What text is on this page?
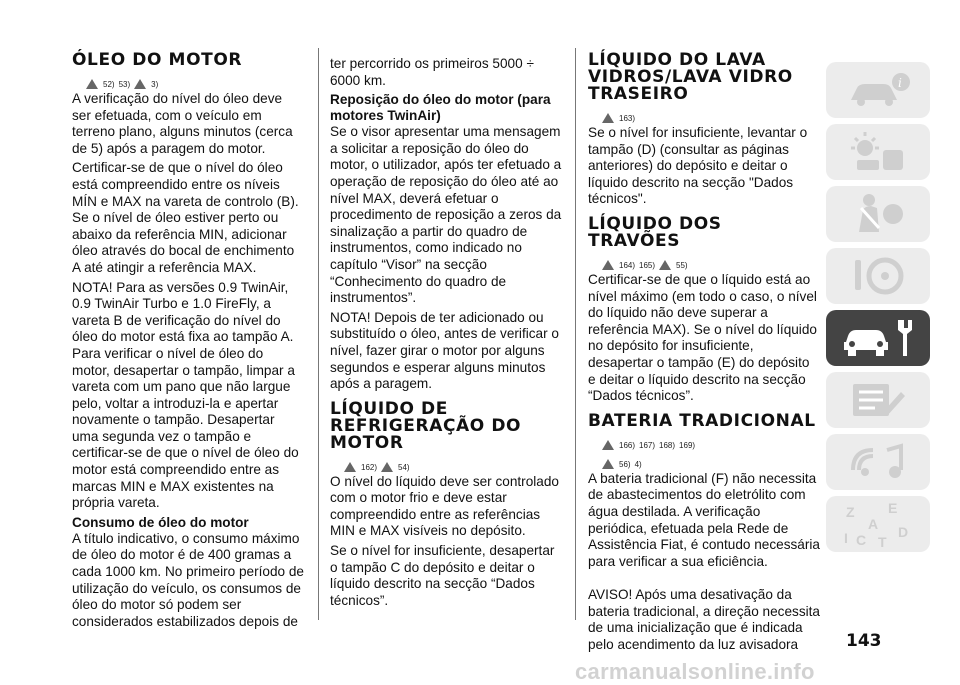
ÓLEO DO MOTOR
52) 53)	3)

A verificação do nível do óleo deve ser efetuada, com o veículo em terreno plano, alguns minutos (cerca de 5) após a paragem do motor.

Certificar-se de que o nível do óleo está compreendido entre os níveis MÍN e MAX na vareta de controlo (B). Se o nível de óleo estiver perto ou abaixo da referência MIN, adicionar óleo através do bocal de enchimento A até atingir a referência MAX.

NOTA! Para as versões 0.9 TwinAir, 0.9 TwinAir Turbo e 1.0 FireFly, a vareta B de verificação do nível do óleo do motor está fixa ao tampão A. Para verificar o nível de óleo do motor, desapertar o tampão, limpar a vareta com um pano que não largue pelo, voltar a introduzi-la e apertar novamente o tampão. Desapertar uma segunda vez o tampão e certificar-se de que o nível de óleo do motor está compreendido entre as marcas MIN e MAX existentes na própria vareta.

Consumo de óleo do motor

A título indicativo, o consumo máximo de óleo do motor é de 400 gramas a cada 1000 km. No primeiro período de utilização do veículo, os consumos de óleo do motor só podem ser considerados estabilizados depois de

ter percorrido os primeiros 5000 ÷ 6000 km.

Reposição do óleo do motor (para motores TwinAir)

Se o visor apresentar uma mensagem a solicitar a reposição do óleo do motor, o utilizador, após ter efetuado a operação de reposição do óleo até ao nível MAX, deverá efetuar o procedimento de reposição a zeros da sinalização a partir do quadro de instrumentos, como indicado no capítulo “Visor” na secção “Conhecimento do quadro de instrumentos”.

NOTA! Depois de ter adicionado ou substituído o óleo, antes de verificar o nível, fazer girar o motor por alguns segundos e esperar alguns minutos após a paragem.

LÍQUIDO DE REFRIGERAÇÃO DO MOTOR
162)	54)

O nível do líquido deve ser controlado com o motor frio e deve estar compreendido entre as referências MIN e MAX visíveis no depósito.

Se o nível for insuficiente, desapertar o tampão C do depósito e deitar o líquido descrito na secção “Dados técnicos”.

LÍQUIDO DO LAVA VIDROS/LAVA VIDRO TRASEIRO
163)

Se o nível for insuficiente, levantar o tampão (D) (consultar as páginas anteriores) do depósito e deitar o líquido descrito na secção "Dados técnicos".

LÍQUIDO DOS TRAVÕES
164) 165)	55)

Certificar-se de que o líquido está ao nível máximo (em todo o caso, o nível do líquido não deve superar a referência MAX). Se o nível do líquido no depósito for insuficiente, desapertar o tampão (E) do depósito e deitar o líquido descrito na secção “Dados técnicos”.

BATERIA TRADICIONAL
166) 167) 168) 169)
56) 4)

A bateria tradicional (F) não necessita de abastecimentos do eletrólito com água destilada. A verificação periódica, efetuada pela Rede de Assistência Fiat, é contudo necessária para verificar a sua eficiência.

AVISO! Após uma desativação da bateria tradicional, a direção necessita de uma inicialização que é indicada pelo acendimento da luz avisadora

i
Z E
A
I C T
D
143
carmanualsonline.info
